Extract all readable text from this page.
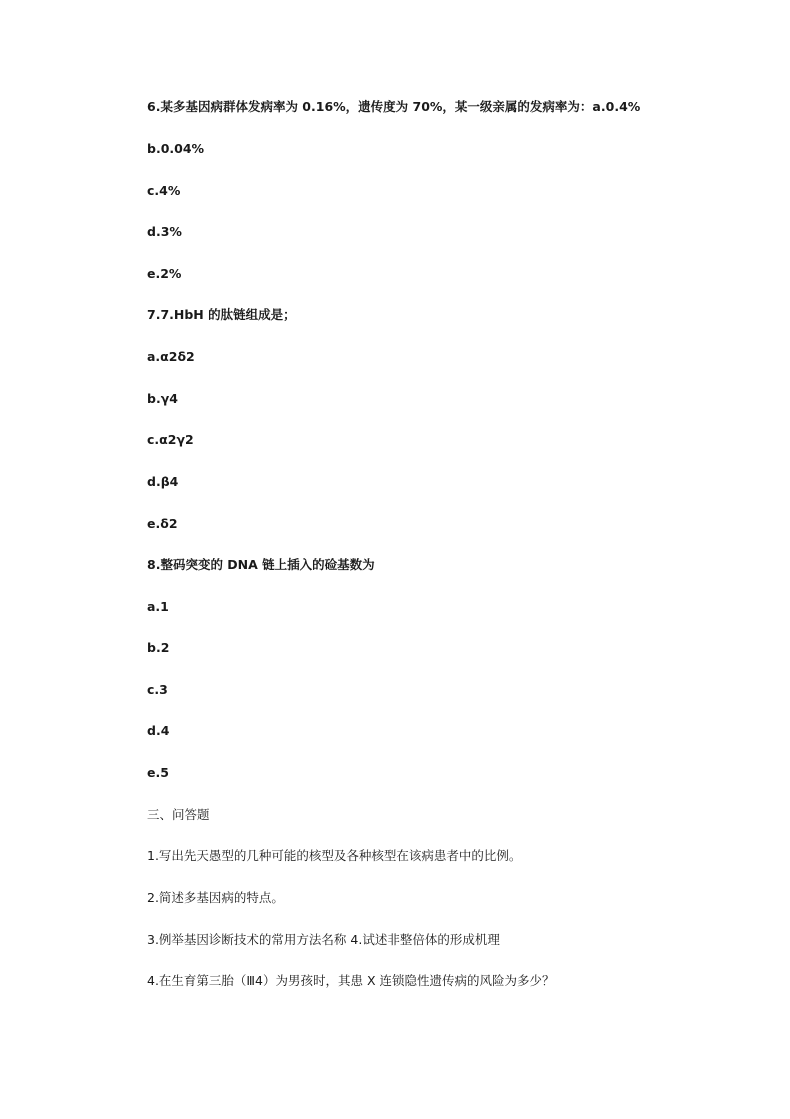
6.某多基因病群体发病率为 0.16%，遗传度为 70%，某一级亲属的发病率为：a.0.4%
b.0.04%
c.4%
d.3%
e.2%
7.7.HbH 的肽链组成是；
a.α2δ2
b.γ4
c.α2γ2
d.β4
e.δ2
8.整码突变的 DNA 链上插入的硷基数为
a.1
b.2
c.3
d.4
e.5
三、问答题
1.写出先天愚型的几种可能的核型及各种核型在该病患者中的比例。
2.简述多基因病的特点。
3.例举基因诊断技术的常用方法名称 4.试述非整倍体的形成机理
4.在生育第三胎（Ⅲ4）为男孩时，其患 X 连锁隐性遗传病的风险为多少？
